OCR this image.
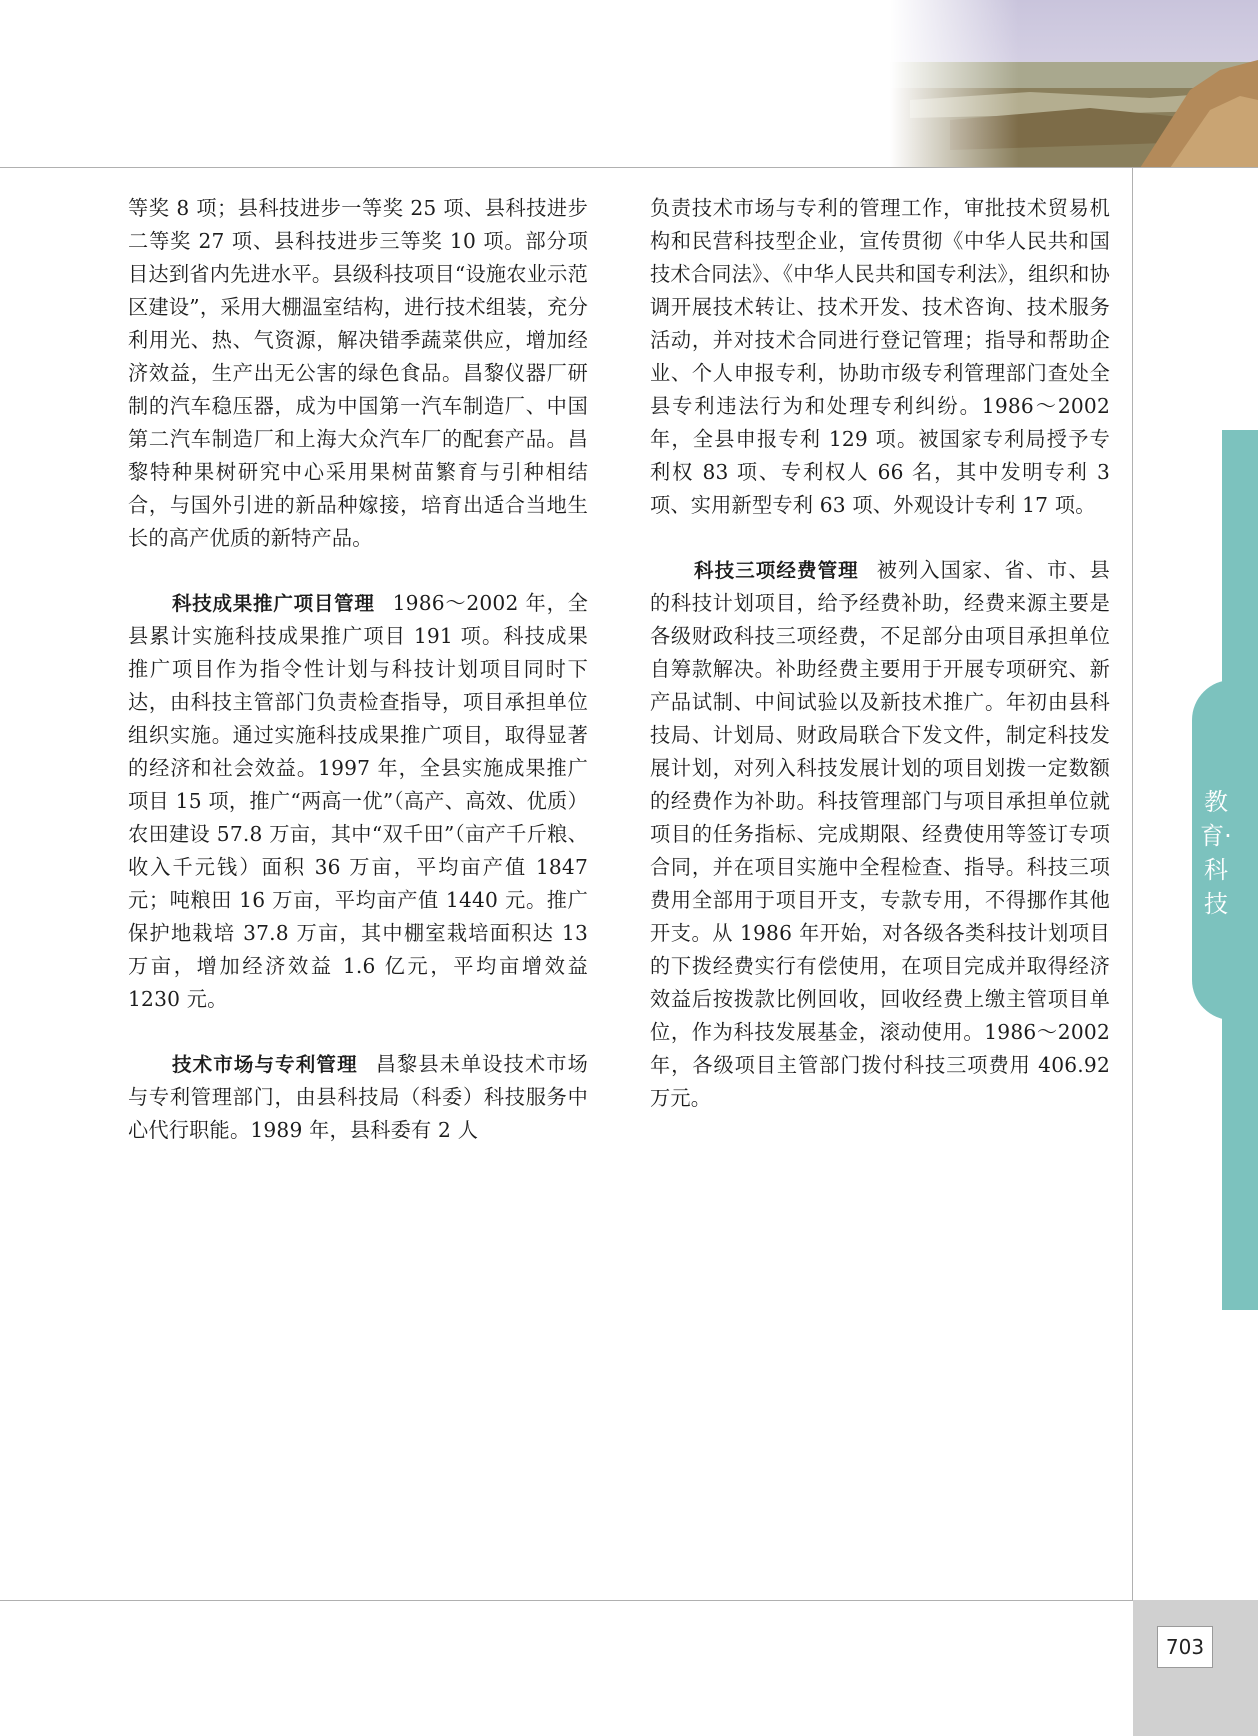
教育·科技
703

等奖 8 项；县科技进步一等奖 25 项、县科技进步二等奖 27 项、县科技进步三等奖 10 项。部分项目达到省内先进水平。县级科技项目“设施农业示范区建设”，采用大棚温室结构，进行技术组装，充分利用光、热、气资源，解决错季蔬菜供应，增加经济效益，生产出无公害的绿色食品。昌黎仪器厂研制的汽车稳压器，成为中国第一汽车制造厂、中国第二汽车制造厂和上海大众汽车厂的配套产品。昌黎特种果树研究中心采用果树苗繁育与引种相结合，与国外引进的新品种嫁接，培育出适合当地生长的高产优质的新特产品。

科技成果推广项目管理 1986～2002 年，全县累计实施科技成果推广项目 191 项。科技成果推广项目作为指令性计划与科技计划项目同时下达，由科技主管部门负责检查指导，项目承担单位组织实施。通过实施科技成果推广项目，取得显著的经济和社会效益。1997 年，全县实施成果推广项目 15 项，推广“两高一优”（高产、高效、优质）农田建设 57.8 万亩，其中“双千田”（亩产千斤粮、收入千元钱）面积 36 万亩，平均亩产值 1847 元；吨粮田 16 万亩，平均亩产值 1440 元。推广保护地栽培 37.8 万亩，其中棚室栽培面积达 13 万亩，增加经济效益 1.6 亿元，平均亩增效益 1230 元。

技术市场与专利管理 昌黎县未单设技术市场与专利管理部门，由县科技局（科委）科技服务中心代行职能。1989 年，县科委有 2 人

负责技术市场与专利的管理工作，审批技术贸易机构和民营科技型企业，宣传贯彻《中华人民共和国技术合同法》、《中华人民共和国专利法》，组织和协调开展技术转让、技术开发、技术咨询、技术服务活动，并对技术合同进行登记管理；指导和帮助企业、个人申报专利，协助市级专利管理部门查处全县专利违法行为和处理专利纠纷。1986～2002 年，全县申报专利 129 项。被国家专利局授予专利权 83 项、专利权人 66 名，其中发明专利 3 项、实用新型专利 63 项、外观设计专利 17 项。

科技三项经费管理 被列入国家、省、市、县的科技计划项目，给予经费补助，经费来源主要是各级财政科技三项经费，不足部分由项目承担单位自筹款解决。补助经费主要用于开展专项研究、新产品试制、中间试验以及新技术推广。年初由县科技局、计划局、财政局联合下发文件，制定科技发展计划，对列入科技发展计划的项目划拨一定数额的经费作为补助。科技管理部门与项目承担单位就项目的任务指标、完成期限、经费使用等签订专项合同，并在项目实施中全程检查、指导。科技三项费用全部用于项目开支，专款专用，不得挪作其他开支。从 1986 年开始，对各级各类科技计划项目的下拨经费实行有偿使用，在项目完成并取得经济效益后按拨款比例回收，回收经费上缴主管项目单位，作为科技发展基金，滚动使用。1986～2002 年，各级项目主管部门拨付科技三项费用 406.92 万元。
